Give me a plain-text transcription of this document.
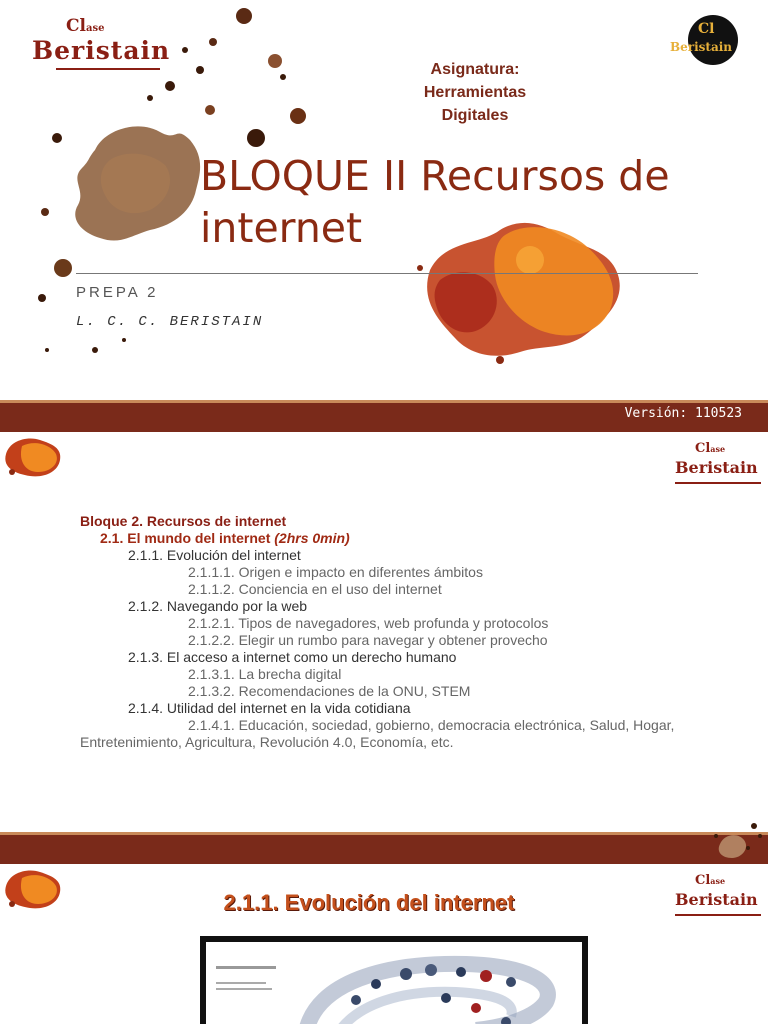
Clase
Beristain
Cl
Beristain
Asignatura:
Herramientas
Digitales
BLOQUE II Recursos de
internet
PREPA 2
L. C. C. BERISTAIN
Versión: 110523
Clase
Beristain
Bloque 2. Recursos de internet
2.1. El mundo del internet (2hrs 0min)
2.1.1. Evolución del internet
2.1.1.1. Origen e impacto en diferentes ámbitos
2.1.1.2. Conciencia en el uso del internet
2.1.2. Navegando por la web
2.1.2.1. Tipos de navegadores, web profunda y protocolos
2.1.2.2. Elegir un rumbo para navegar y obtener provecho
2.1.3. El acceso a internet como un derecho humano
2.1.3.1. La brecha digital
2.1.3.2. Recomendaciones de la ONU, STEM
2.1.4. Utilidad del internet en la vida cotidiana
2.1.4.1. Educación, sociedad, gobierno, democracia electrónica, Salud, Hogar, Entretenimiento, Agricultura, Revolución 4.0, Economía, etc.
Clase
Beristain
2.1.1. Evolución del internet
